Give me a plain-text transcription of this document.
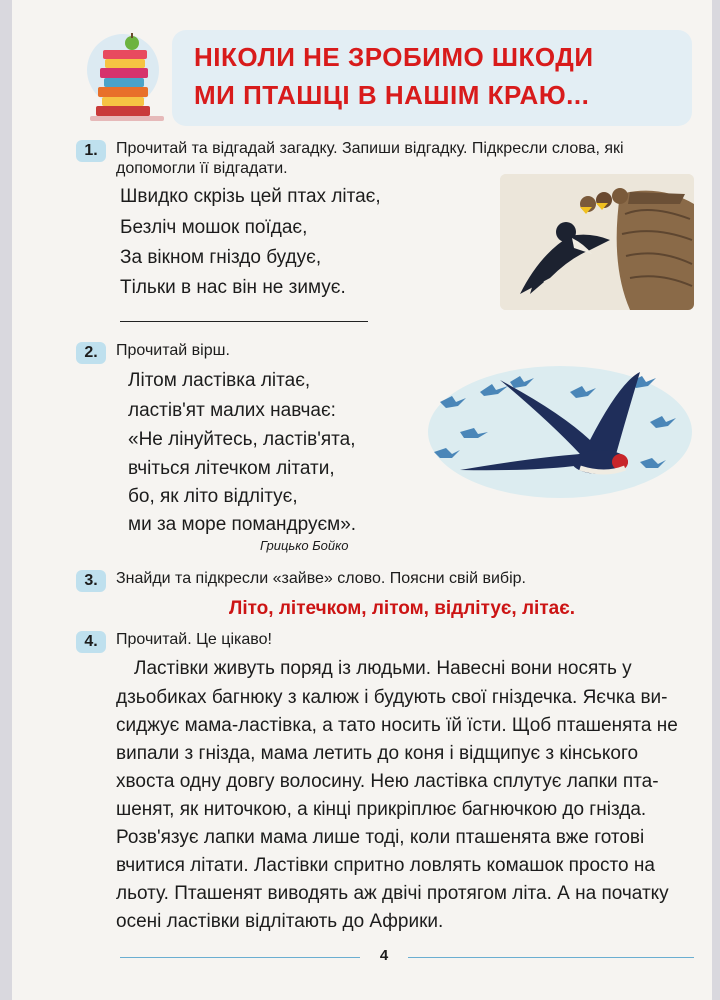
НІКОЛИ НЕ ЗРОБИМО ШКОДИ
МИ ПТАШЦІ В НАШІМ КРАЮ...
1.	Прочитай та відгадай загадку. Запиши відгадку. Підкресли слова, які
допомогли її відгадати.
Швидко скрізь цей птах літає,
Безліч мошок поїдає,
За вікном гніздо будує,
Тільки в нас він не зимує.
2.	Прочитай вірш.
Літом ластівка літає,
ластів'ят малих навчає:
«Не лінуйтесь, ластів'ята,
вчіться літечком літати,
бо, як літо відлітує,
ми за море помандруєм».
Грицько Бойко
3.	Знайди та підкресли «зайве» слово. Поясни свій вибір.
Літо, літечком, літом, відлітує, літає.
4.	Прочитай. Це цікаво!
Ластівки живуть поряд із людьми. Навесні вони носять у
дзьобиках багнюку з калюж і будують свої гніздечка. Яєчка ви-
сиджує мама-ластівка, а тато носить їй їсти. Щоб пташенята не
випали з гнізда, мама летить до коня і відщипує з кінського
хвоста одну довгу волосину. Нею ластівка сплутує лапки пта-
шенят, як ниточкою, а кінці прикріплює багнючкою до гнізда.
Розв'язує лапки мама лише тоді, коли пташенята вже готові
вчитися літати. Ластівки спритно ловлять комашок просто на
льоту. Пташенят виводять аж двічі протягом літа. А на початку
осені ластівки відлітають до Африки.
4
